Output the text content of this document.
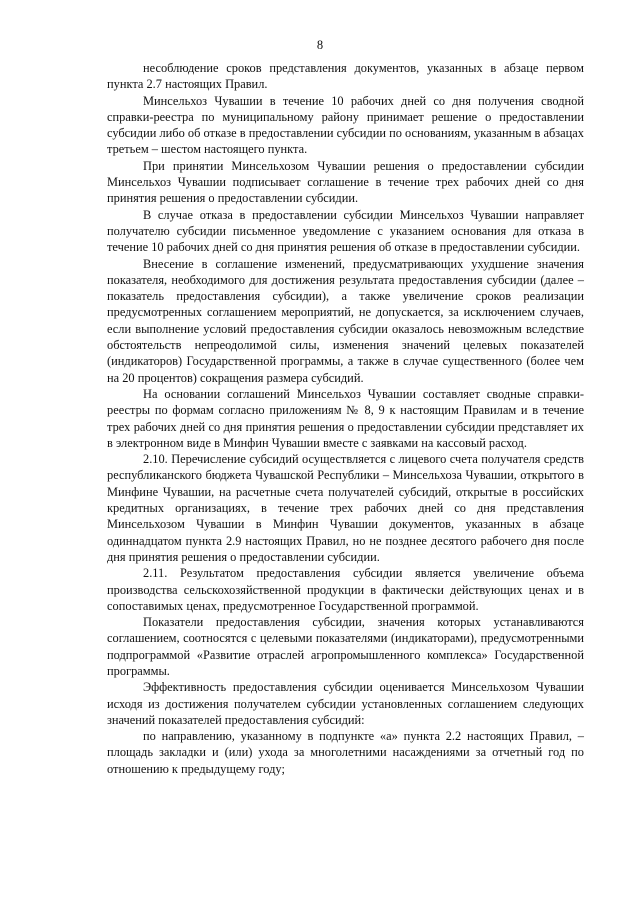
8

несоблюдение сроков представления документов, указанных в абзаце первом пункта 2.7 настоящих Правил.

Минсельхоз Чувашии в течение 10 рабочих дней со дня получения сводной справки-реестра по муниципальному району принимает решение о предоставлении субсидии либо об отказе в предоставлении субсидии по основаниям, указанным в абзацах третьем – шестом настоящего пункта.

При принятии Минсельхозом Чувашии решения о предоставлении субсидии Минсельхоз Чувашии подписывает соглашение в течение трех рабочих дней со дня принятия решения о предоставлении субсидии.

В случае отказа в предоставлении субсидии Минсельхоз Чувашии направляет получателю субсидии письменное уведомление с указанием основания для отказа в течение 10 рабочих дней со дня принятия решения об отказе в предоставлении субсидии.

Внесение в соглашение изменений, предусматривающих ухудшение значения показателя, необходимого для достижения результата предоставления субсидии (далее – показатель предоставления субсидии), а также увеличение сроков реализации предусмотренных соглашением мероприятий, не допускается, за исключением случаев, если выполнение условий предоставления субсидии оказалось невозможным вследствие обстоятельств непреодолимой силы, изменения значений целевых показателей (индикаторов) Государственной программы, а также в случае существенного (более чем на 20 процентов) сокращения размера субсидий.

На основании соглашений Минсельхоз Чувашии составляет сводные справки-реестры по формам согласно приложениям № 8, 9 к настоящим Правилам и в течение трех рабочих дней со дня принятия решения о предоставлении субсидии представляет их в электронном виде в Минфин Чувашии вместе с заявками на кассовый расход.

2.10. Перечисление субсидий осуществляется с лицевого счета получателя средств республиканского бюджета Чувашской Республики – Минсельхоза Чувашии, открытого в Минфине Чувашии, на расчетные счета получателей субсидий, открытые в российских кредитных организациях, в течение трех рабочих дней со дня представления Минсельхозом Чувашии в Минфин Чувашии документов, указанных в абзаце одиннадцатом пункта 2.9 настоящих Правил, но не позднее десятого рабочего дня после дня принятия решения о предоставлении субсидии.

2.11. Результатом предоставления субсидии является увеличение объема производства сельскохозяйственной продукции в фактически действующих ценах и в сопоставимых ценах, предусмотренное Государственной программой.

Показатели предоставления субсидии, значения которых устанавливаются соглашением, соотносятся с целевыми показателями (индикаторами), предусмотренными подпрограммой «Развитие отраслей агропромышленного комплекса» Государственной программы.

Эффективность предоставления субсидии оценивается Минсельхозом Чувашии исходя из достижения получателем субсидии установленных соглашением следующих значений показателей предоставления субсидий:

по направлению, указанному в подпункте «а» пункта 2.2 настоящих Правил, – площадь закладки и (или) ухода за многолетними насаждениями за отчетный год по отношению к предыдущему году;
